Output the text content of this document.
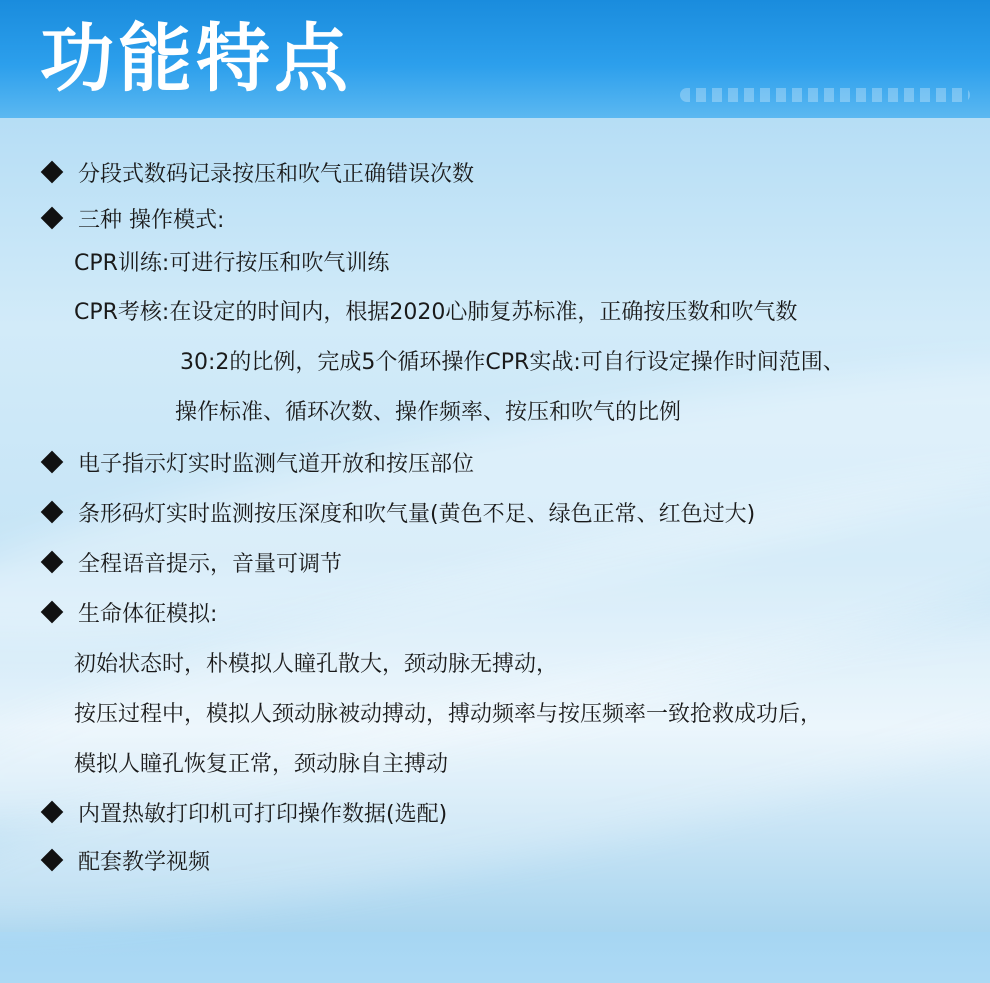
功能特点
分段式数码记录按压和吹气正确错误次数
三种 操作模式:
CPR训练:可进行按压和吹气训练
CPR考核:在设定的时间内，根据2020心肺复苏标准，正确按压数和吹气数
30:2的比例，完成5个循环操作CPR实战:可自行设定操作时间范围、
操作标准、循环次数、操作频率、按压和吹气的比例
电子指示灯实时监测气道开放和按压部位
条形码灯实时监测按压深度和吹气量(黄色不足、绿色正常、红色过大)
全程语音提示，音量可调节
生命体征模拟:
初始状态时，朴模拟人瞳孔散大，颈动脉无搏动，
按压过程中，模拟人颈动脉被动搏动，搏动频率与按压频率一致抢救成功后，
模拟人瞳孔恢复正常，颈动脉自主搏动
内置热敏打印机可打印操作数据(选配)
配套教学视频
